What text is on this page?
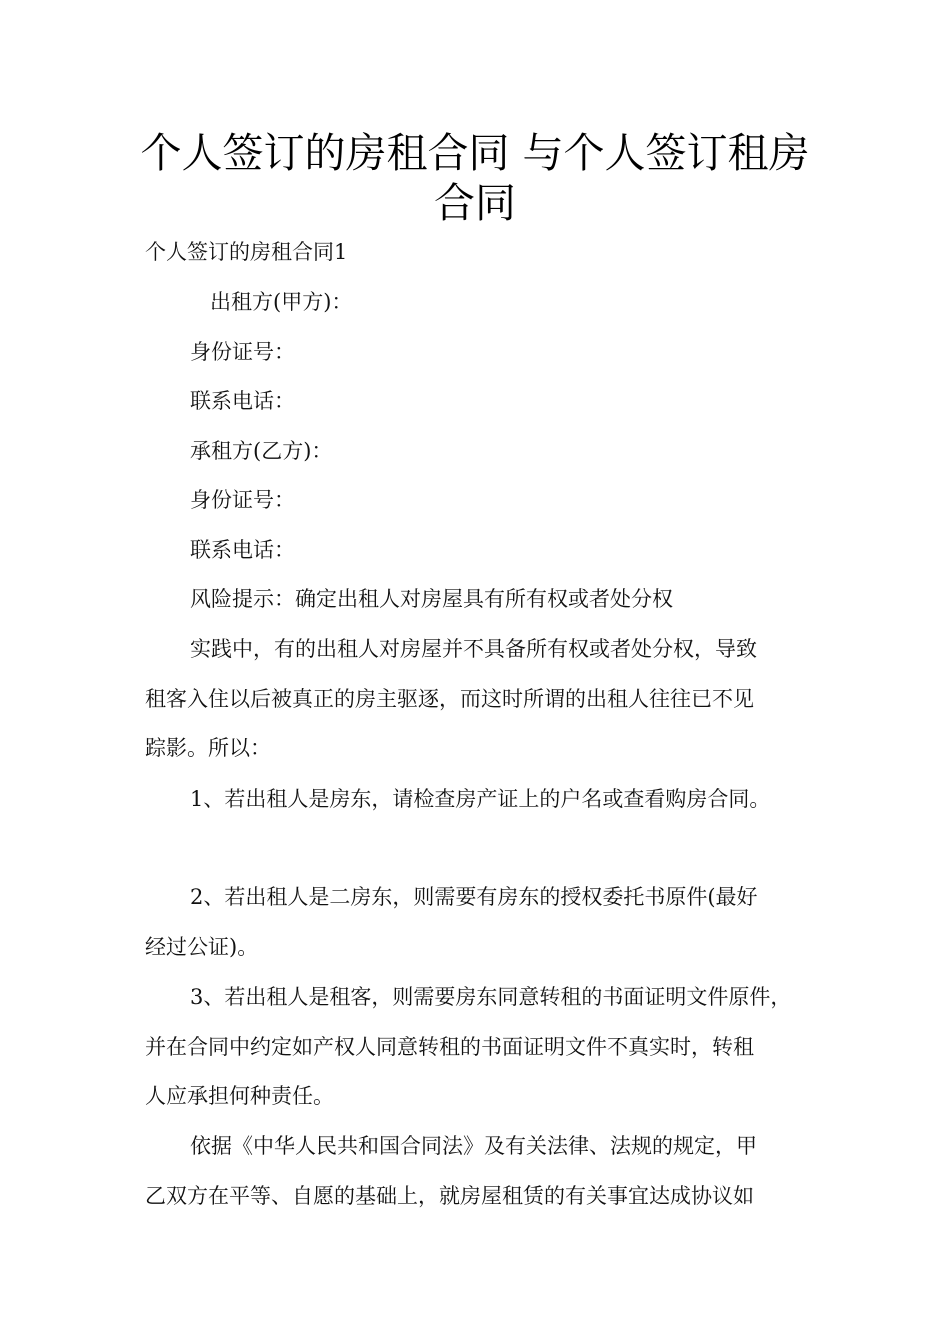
个人签订的房租合同 与个人签订租房
合同

个人签订的房租合同1

出租方(甲方)：

身份证号：

联系电话：

承租方(乙方)：

身份证号：

联系电话：

风险提示：确定出租人对房屋具有所有权或者处分权

实践中，有的出租人对房屋并不具备所有权或者处分权，导致

租客入住以后被真正的房主驱逐，而这时所谓的出租人往往已不见

踪影。所以：

1、若出租人是房东，请检查房产证上的户名或查看购房合同。

2、若出租人是二房东，则需要有房东的授权委托书原件(最好

经过公证)。

3、若出租人是租客，则需要房东同意转租的书面证明文件原件，

并在合同中约定如产权人同意转租的书面证明文件不真实时，转租

人应承担何种责任。

依据《中华人民共和国合同法》及有关法律、法规的规定，甲

乙双方在平等、自愿的基础上，就房屋租赁的有关事宜达成协议如
